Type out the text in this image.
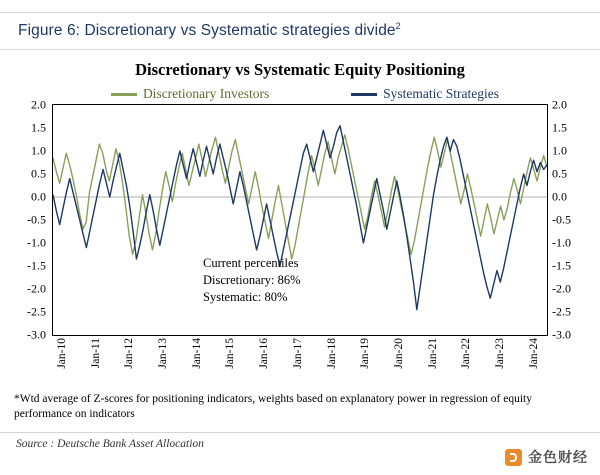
Figure 6: Discretionary vs Systematic strategies divide$^2$
Discretionary vs Systematic Equity Positioning
Discretionary Investors	Systematic Strategies
2.0
1.5
1.0
0.5
0.0
-0.5
-1.0
-1.5
-2.0
-2.5
-3.0
2.0
1.5
1.0
0.5
0.0
-0.5
-1.0
-1.5
-2.0
-2.5
-3.0
Current percentiles
Discretionary: 86%
Systematic: 80%
Jan-10 Jan-11 Jan-12 Jan-13 Jan-14 Jan-15 Jan-16 Jan-17 Jan-18 Jan-19 Jan-20 Jan-21 Jan-22 Jan-23 Jan-24
*Wtd average of Z-scores for positioning indicators, weights based on explanatory power in regression of equity performance on indicators
Source : Deutsche Bank Asset Allocation
金色财经
